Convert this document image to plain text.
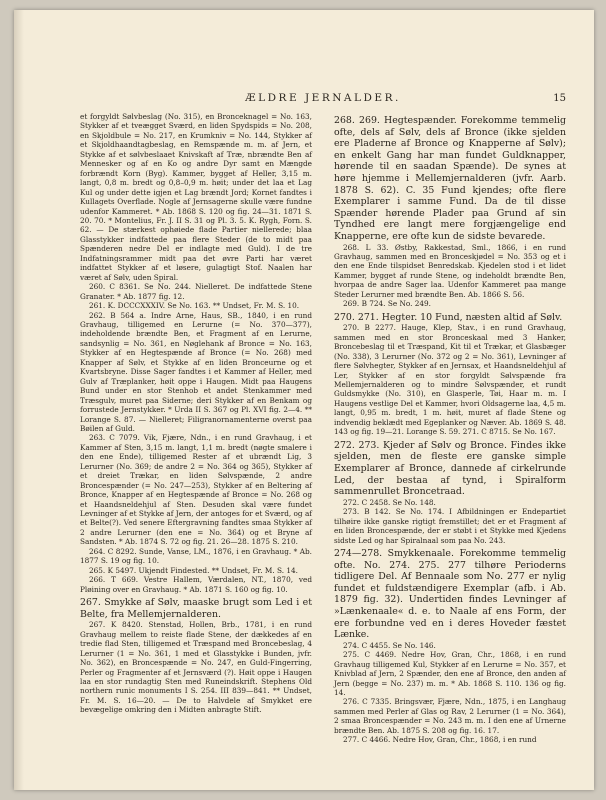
ÆLDRE JERNALDER.	15

et forgyldt Sølvbeslag (No. 315), en Bronceknagel = No. 163, Stykker af et tveægget Sværd, en liden Spydspids = No. 208, en Skjoldbule = No. 217, en Krumkniv = No. 144, Stykker af et Skjoldhaandtagbeslag, en Remspænde m. m. af Jern, et Stykke af et sølvbeslaaet Knivskaft af Træ, nbrændte Ben af Mennesker og af en Ko og andre Dyr samt en Mængde forbrændt Korn (Byg). Kammer, bygget af Heller, 3,15 m. langt, 0,8 m. bredt og 0,8–0,9 m. høit; under det laa et Lag Kul og under dette igjen et Lag brændt Jord; Kornet fandtes i Kullagets Overflade. Nogle af Jernsagerne skulle være fundne udenfor Kammeret. * Ab. 1868 S. 120 og fig. 24—31. 1871 S. 20. 70. * Montelius, Fr. J. II S. 31 og Pl. 3. 5. K. Rygh, Forn. S. 62. — De stærkest ophøiede flade Partier niellerede; blaa Glasstykker indfattede paa flere Steder (de to midt paa Spænderen nedre Del er indlagte med Guld). I de tre Indfatningsrammer midt paa det øvre Parti har været indfattet Stykker af et løsere, gulagtigt Stof. Naalen har været af Sølv, uden Spiral.

260. C 8361. Se No. 244. Nielleret. De indfattede Stene Granater. * Ab. 1877 fig. 12.

261. K. DCCCXXXIV. Se No. 163. ** Undset, Fr. M. S. 10.

262. B 564 a. Indre Arne, Haus, SB., 1840, i en rund Gravhaug, tilligemed en Lerurne (= No. 370—377), indeholdende brændte Ben, et Fragment af en Lerurne, sandsynlig = No. 361, en Nøglehank af Bronce = No. 163, Stykker af en Hegtespænde af Bronce (= No. 268) med Knapper af Sølv, et Stykke af en liden Bronceurne og et Kvartsbryne. Disse Sager fandtes i et Kammer af Heller, med Gulv af Træplanker, høit oppe i Haugen. Midt paa Haugens Bund under en stor Stenhob et andet Stenkammer med Træsgulv, muret paa Siderne; deri Stykker af en Benkam og forrustede Jernstykker. * Urda II S. 367 og Pl. XVI fig. 2—4. ** Lorange S. 87. — Nielleret; Filigranornamenterne overst paa Bøilen af Guld.

263. C 7079. Vik, Fjære, Ndn., i en rund Gravhaug, i et Kammer af Sten, 3,15 m. langt, 1,1 m. bredt (nøgte smalere i den ene Ende), tilligemed Rester af et ubrændt Lig, 3 Lerurner (No. 369; de andre 2 = No. 364 og 365), Stykker af et dreiet Trækar, en liden Sølvspænde, 2 andre Broncespænder (= No. 247—253), Stykker af en Beltering af Bronce, Knapper af en Hegtespænde af Bronce = No. 268 og et Haandsneldehjul af Sten. Desuden skal være fundet Levninger af et Stykke af Jern, der antoges for et Sværd, og af et Belte(?). Ved senere Eftergravning fandtes smaa Stykker af 2 andre Lerurner (den ene = No. 364) og et Bryne af Sandsten. * Ab. 1874 S. 72 og fig. 21. 26—28. 1875 S. 210.

264. C 8292. Sunde, Vanse, LM., 1876, i en Gravhaug. * Ab. 1877 S. 19 og fig. 10.

265. K 5497. Ukjendt Findested. ** Undset, Fr. M. S. 14.

266. T 669. Vestre Hallem, Værdalen, NT., 1870, ved Pløining over en Gravhaug. * Ab. 1871 S. 160 og fig. 10.

267. Smykke af Sølv, maaske brugt som Led i et Belte, fra Mellemjernalderen.

267. K 8420. Stenstad, Hollen, Brb., 1781, i en rund Gravhaug mellem to reiste flade Stene, der dækkedes af en tredie flad Sten, tilligemed et Træspand med Broncebeslag, 4 Lerurner (1 = No. 361, 1 med et Glasstykke i Bunden, jvfr. No. 362), en Broncespænde = No. 247, en Guld-Fingerring, Perler og Fragmenter af et Jernsværd (?). Høit oppe i Haugen laa en stor rundagtig Sten med Runeindskrift. Stephens Old northern runic monuments I S. 254. III 839—841. ** Undset, Fr. M. S. 16—20. — De to Halvdele af Smykket ere bevægelige omkring den i Midten anbragte Stift.

268. 269. Hegtespænder. Forekomme temmelig ofte, dels af Sølv, dels af Bronce (ikke sjelden ere Pladerne af Bronce og Knapperne af Sølv); en enkelt Gang har man fundet Guldknapper, hørende til en saadan Spænde). De synes at høre hjemme i Mellemjernalderen (jvfr. Aarb. 1878 S. 62). C. 35 Fund kjendes; ofte flere Exemplarer i samme Fund. Da de til disse Spænder hørende Plader paa Grund af sin Tyndhed ere langt mere forgjængelige end Knapperne, ere ofte kun de sidste bevarede.

268. L 33. Østby, Rakkestad, Sml., 1866, i en rund Gravhaug, sammen med en Bronceskjødel = No. 353 og et i den ene Ende tilspidset Benredskab. Kjedelen stod i et lidet Kammer, bygget af runde Stene, og indeholdt brændte Ben, hvorpaa de andre Sager laa. Udenfor Kammeret paa mange Steder Lerurner med brændte Ben. Ab. 1866 S. 56.

269. B 724. Se No. 249.

270. 271. Hegter. 10 Fund, næsten altid af Sølv.

270. B 2277. Hauge, Klep, Stav., i en rund Gravhaug, sammen med en stor Bronceskaal med 3 Hanker, Broncebeslag til et Træspand, Kit til et Trækar, et Glasbæger (No. 338), 3 Lerurner (No. 372 og 2 = No. 361), Levninger af flere Sølvhegter, Stykker af en Jernsax, et Haandsneldehjul af Ler, Stykker af en stor forgyldt Sølvspænde fra Mellemjernalderen og to mindre Sølvspænder, et rundt Guldsmykke (No. 310), en Glasperle, Tøi, Haar m. m. I Haugens vestlige Del et Kammer, hvori Oldsagerne laa, 4,5 m. langt, 0,95 m. bredt, 1 m. høit, muret af flade Stene og indvendig beklædt med Egeplanker og Næver. Ab. 1869 S. 48. 143 og fig. 19—21. Lorange S. 59. 271. C 8715. Se No. 167.

272. 273. Kjeder af Sølv og Bronce. Findes ikke sjelden, men de fleste ere ganske simple Exemplarer af Bronce, dannede af cirkelrunde Led, der bestaa af tynd, i Spiralform sammenrullet Broncetraad.

272. C 2458. Se No. 148.

273. B 142. Se No. 174. I Afbildningen er Endepartiet tilhøire ikke ganske rigtigt fremstillet; det er et Fragment af en liden Broncespænde, der er støbt i et Stykke med Kjedens sidste Led og har Spiralnaal som paa No. 243.

274—278. Smykkenaale. Forekomme temmelig ofte. No. 274. 275. 277 tilhøre Perioderns tidligere Del. Af Bennaale som No. 277 er nylig fundet et fuldstændigere Exemplar (afb. i Ab. 1879 fig. 32). Undertiden findes Levninger af »Lænkenaale« d. e. to Naale af ens Form, der ere forbundne ved en i deres Hoveder fæstet Lænke.

274. C 4455. Se No. 146.

275. C 4469. Nedre Hov, Gran, Chr., 1868, i en rund Gravhaug tilligemed Kul, Stykker af en Lerurne = No. 357, et Knivblad af Jern, 2 Spænder, den ene af Bronce, den anden af Jern (begge = No. 237) m. m. * Ab. 1868 S. 110. 136 og fig. 14.

276. C 7335. Bringsvær, Fjære, Ndn., 1875, i en Langhaug sammen med Perler af Glas og Rav, 2 Lerurner (1 = No. 364), 2 smaa Broncespænder = No. 243 m. m. I den ene af Urnerne brændte Ben. Ab. 1875 S. 208 og fig. 16. 17.

277. C 4466. Nedre Hov, Gran, Chr., 1868, i en rund
